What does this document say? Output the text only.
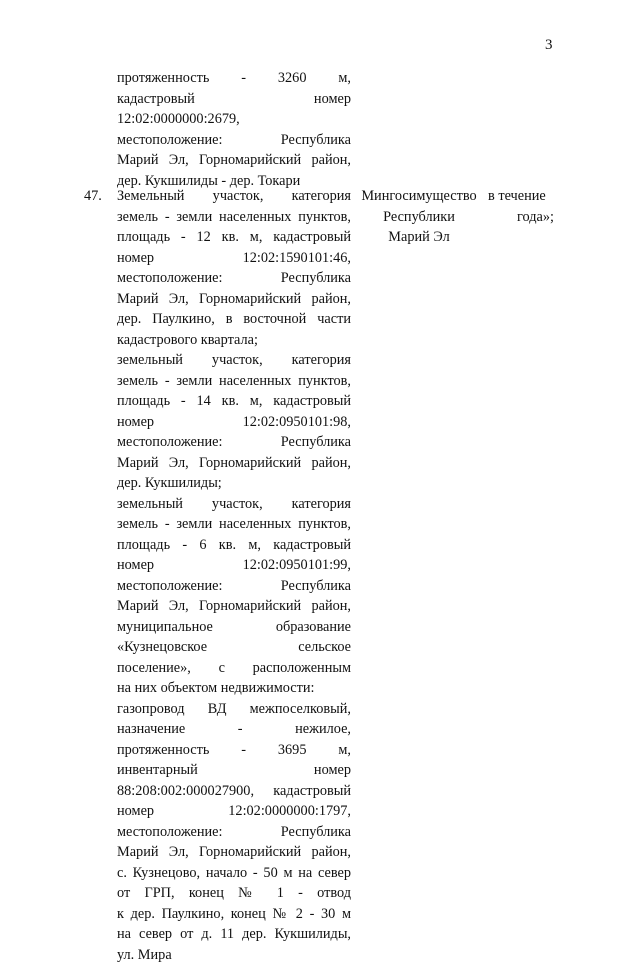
3
протяженность - 3260 м,
кадастровый номер
12:02:0000000:2679,
местоположение: Республика
Марий Эл, Горномарийский район,
дер. Кукшилиды - дер. Токари
47.	Земельный участок, категория
земель - земли населенных пунктов,
площадь - 12 кв. м, кадастровый
номер 12:02:1590101:46,
местоположение: Республика
Марий Эл, Горномарийский район,
дер. Паулкино, в восточной части
кадастрового квартала;
земельный участок, категория
земель - земли населенных пунктов,
площадь - 14 кв. м, кадастровый
номер 12:02:0950101:98,
местоположение: Республика
Марий Эл, Горномарийский район,
дер. Кукшилиды;
земельный участок, категория
земель - земли населенных пунктов,
площадь - 6 кв. м, кадастровый
номер 12:02:0950101:99,
местоположение: Республика
Марий Эл, Горномарийский район,
муниципальное образование
«Кузнецовское сельское
поселение», с расположенным
на них объектом недвижимости:
газопровод ВД межпоселковый,
назначение - нежилое,
протяженность - 3695 м,
инвентарный номер
88:208:002:000027900, кадастровый
номер 12:02:0000000:1797,
местоположение: Республика
Марий Эл, Горномарийский район,
с. Кузнецово, начало - 50 м на север
от ГРП, конец № 1 - отвод
к дер. Паулкино, конец № 2 - 30 м
на север от д. 11 дер. Кукшилиды,
ул. Мира
Мингосимущество
Республики
Марий Эл
в течение
года»;
